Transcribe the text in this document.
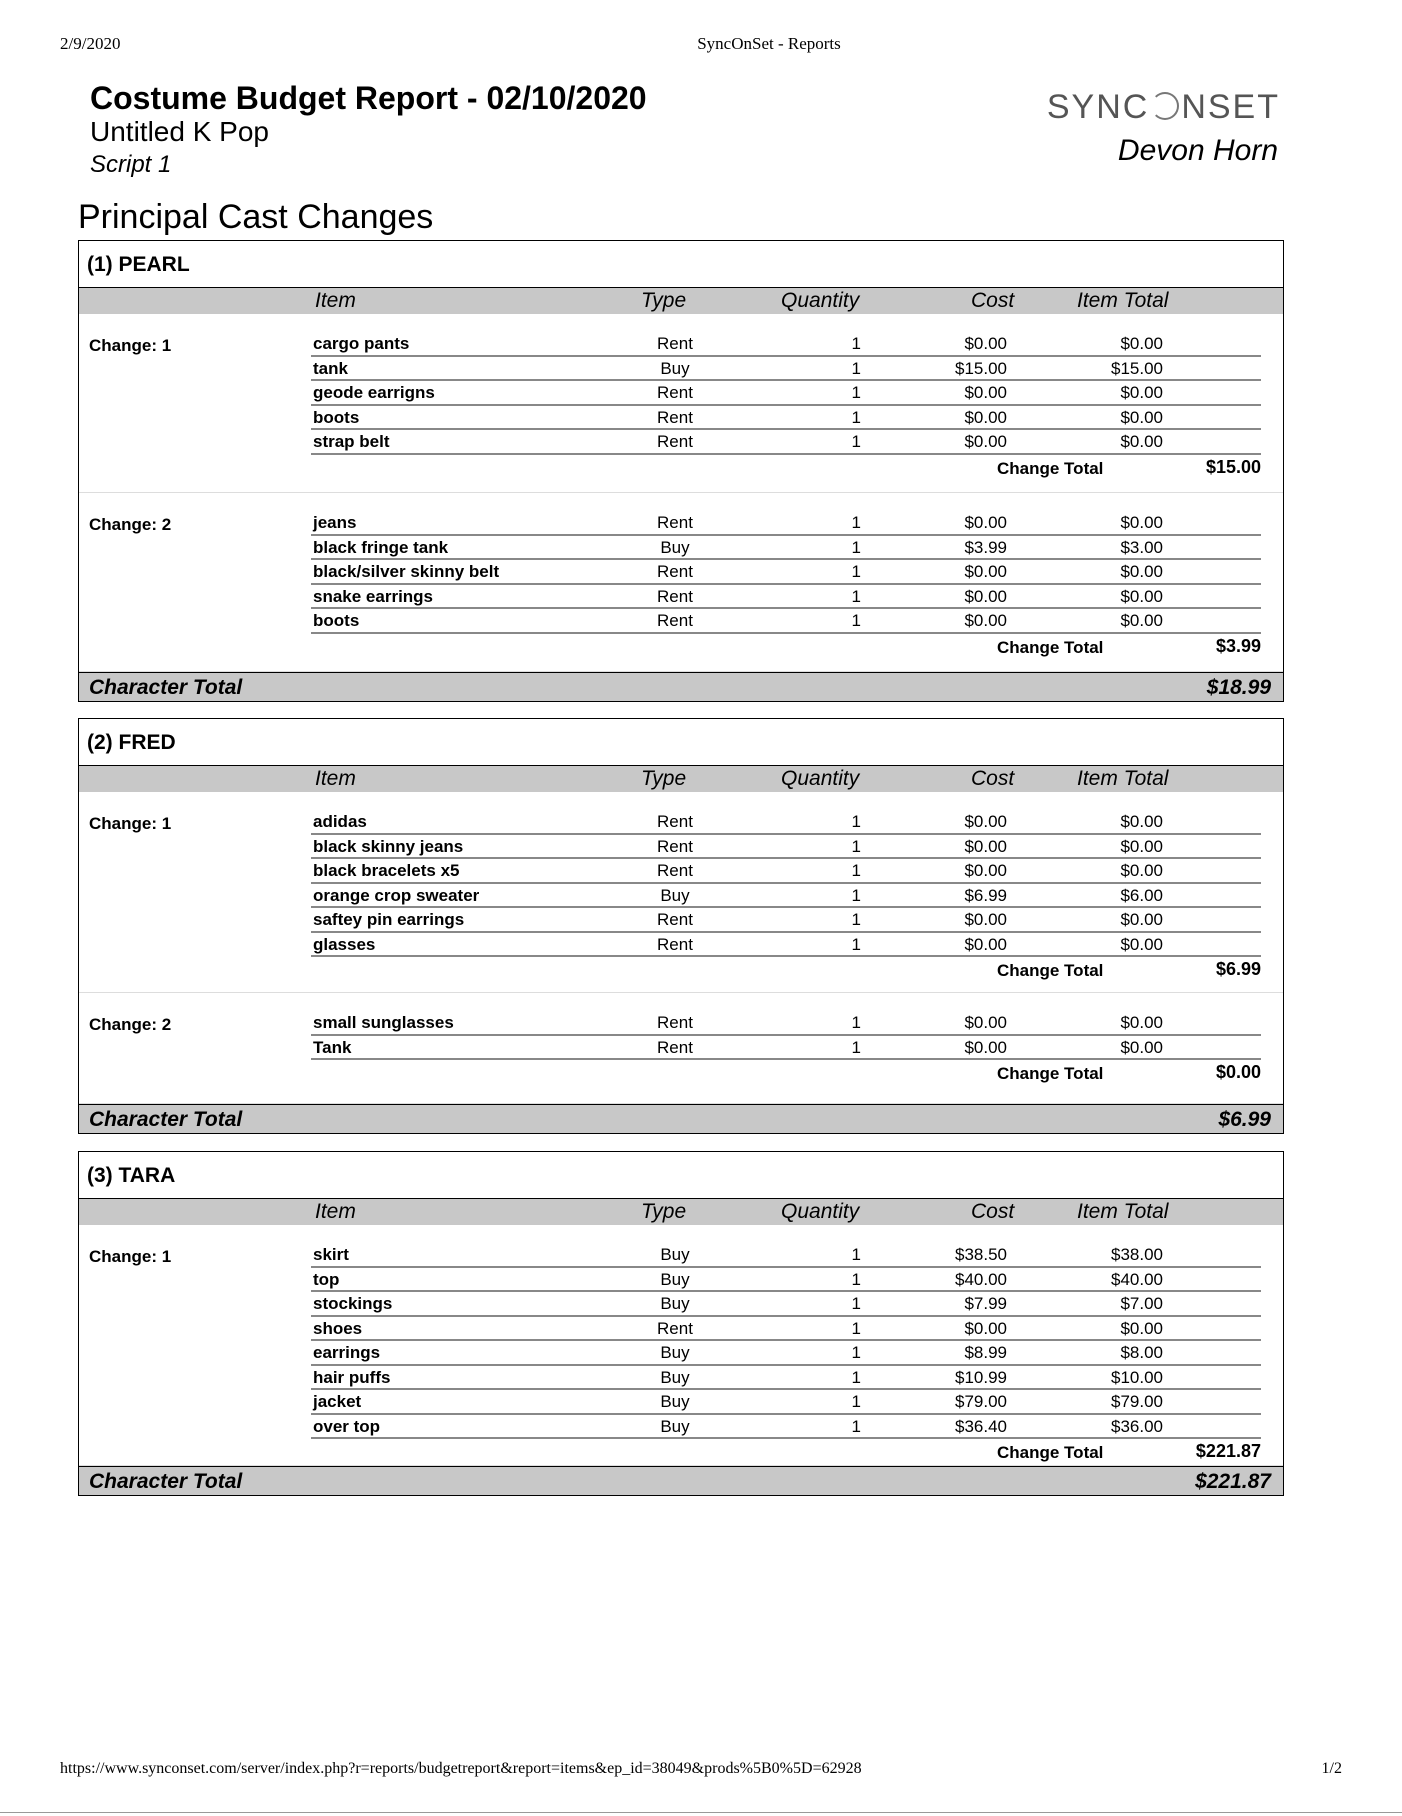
2/9/2020	SyncOnSet - Reports
Costume Budget Report - 02/10/2020
Untitled K Pop
Script 1
SYNC NSET
Devon Horn
Principal Cast Changes
(1) PEARL
Item	Type	Quantity	Cost	Item Total
Change: 1	cargo pants	Rent	1	$0.00	$0.00
tank	Buy	1	$15.00	$15.00
geode earrigns	Rent	1	$0.00	$0.00
boots	Rent	1	$0.00	$0.00
strap belt	Rent	1	$0.00	$0.00
Change Total	$15.00
Change: 2	jeans	Rent	1	$0.00	$0.00
black fringe tank	Buy	1	$3.99	$3.00
black/silver skinny belt	Rent	1	$0.00	$0.00
snake earrings	Rent	1	$0.00	$0.00
boots	Rent	1	$0.00	$0.00
Change Total	$3.99
Character Total	$18.99
(2) FRED
Item	Type	Quantity	Cost	Item Total
Change: 1	adidas	Rent	1	$0.00	$0.00
black skinny jeans	Rent	1	$0.00	$0.00
black bracelets x5	Rent	1	$0.00	$0.00
orange crop sweater	Buy	1	$6.99	$6.00
saftey pin earrings	Rent	1	$0.00	$0.00
glasses	Rent	1	$0.00	$0.00
Change Total	$6.99
Change: 2	small sunglasses	Rent	1	$0.00	$0.00
Tank	Rent	1	$0.00	$0.00
Change Total	$0.00
Character Total	$6.99
(3) TARA
Item	Type	Quantity	Cost	Item Total
Change: 1	skirt	Buy	1	$38.50	$38.00
top	Buy	1	$40.00	$40.00
stockings	Buy	1	$7.99	$7.00
shoes	Rent	1	$0.00	$0.00
earrings	Buy	1	$8.99	$8.00
hair puffs	Buy	1	$10.99	$10.00
jacket	Buy	1	$79.00	$79.00
over top	Buy	1	$36.40	$36.00
Change Total	$221.87
Character Total	$221.87
https://www.synconset.com/server/index.php?r=reports/budgetreport&report=items&ep_id=38049&prods%5B0%5D=62928	1/2
